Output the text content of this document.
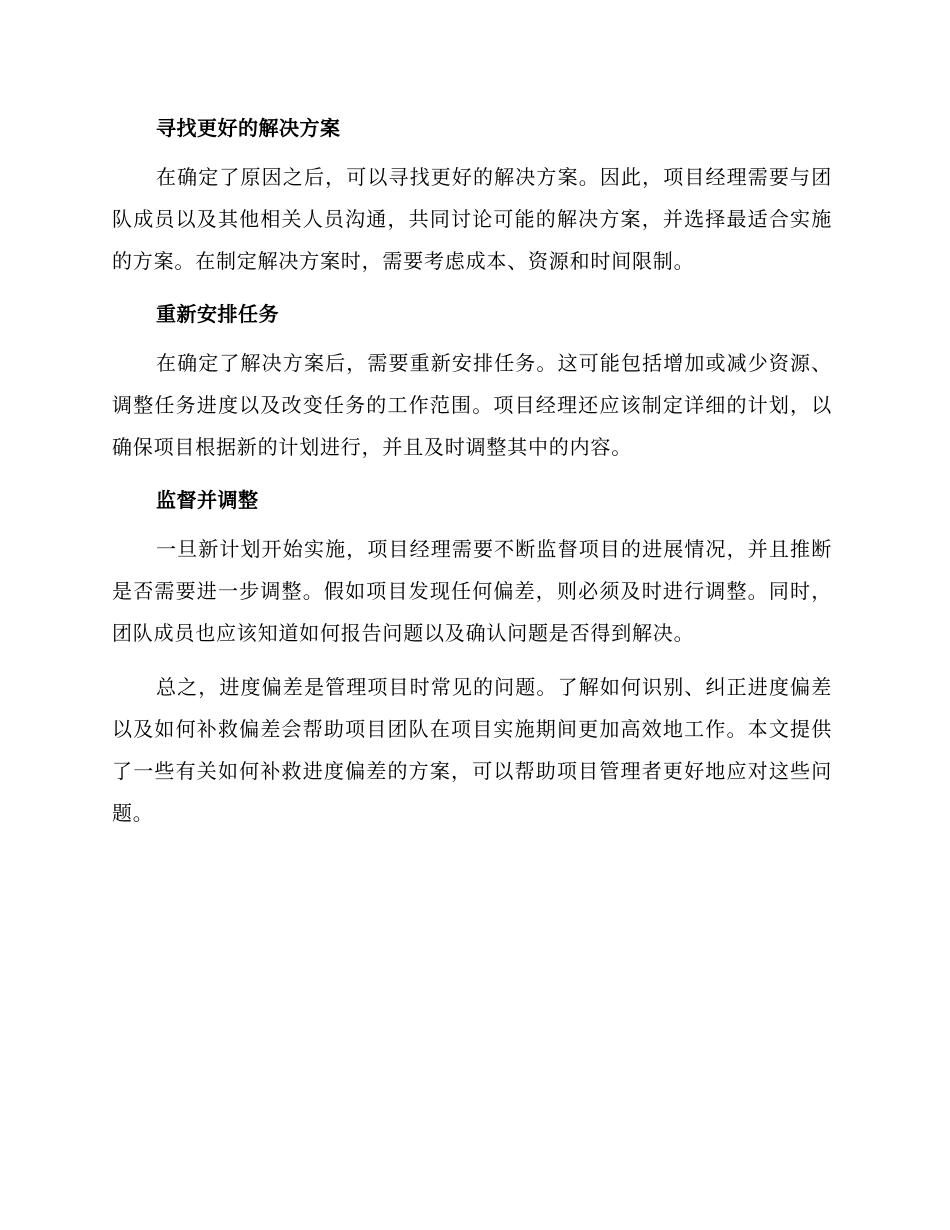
寻找更好的解决方案

在确定了原因之后，可以寻找更好的解决方案。因此，项目经理需要与团队成员以及其他相关人员沟通，共同讨论可能的解决方案，并选择最适合实施的方案。在制定解决方案时，需要考虑成本、资源和时间限制。

重新安排任务

在确定了解决方案后，需要重新安排任务。这可能包括增加或减少资源、调整任务进度以及改变任务的工作范围。项目经理还应该制定详细的计划，以确保项目根据新的计划进行，并且及时调整其中的内容。

监督并调整

一旦新计划开始实施，项目经理需要不断监督项目的进展情况，并且推断是否需要进一步调整。假如项目发现任何偏差，则必须及时进行调整。同时，团队成员也应该知道如何报告问题以及确认问题是否得到解决。

总之，进度偏差是管理项目时常见的问题。了解如何识别、纠正进度偏差以及如何补救偏差会帮助项目团队在项目实施期间更加高效地工作。本文提供了一些有关如何补救进度偏差的方案，可以帮助项目管理者更好地应对这些问题。
